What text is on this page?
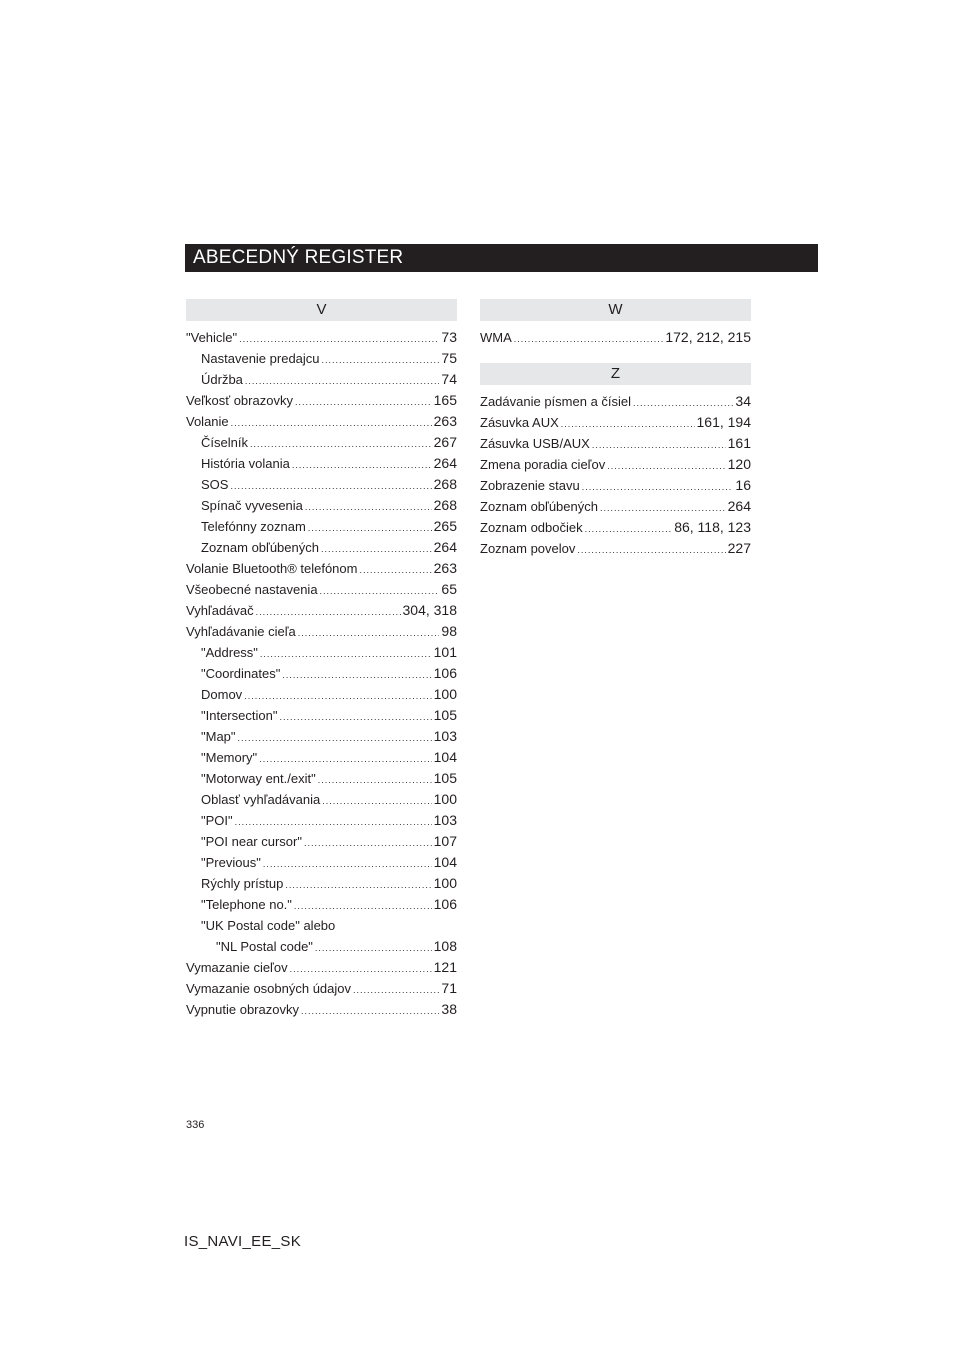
ABECEDNÝ REGISTER
V
"Vehicle" .....	73
Nastavenie predajcu .....	75
Údržba .....	74
Veľkosť obrazovky .....	165
Volanie .....	263
Číselník .....	267
História volania .....	264
SOS .....	268
Spínač vyvesenia .....	268
Telefónny zoznam .....	265
Zoznam obľúbených .....	264
Volanie Bluetooth® telefónom .....	263
Všeobecné nastavenia .....	65
Vyhľadávač .....	304, 318
Vyhľadávanie cieľa .....	98
"Address" .....	101
"Coordinates" .....	106
Domov .....	100
"Intersection" .....	105
"Map" .....	103
"Memory" .....	104
"Motorway ent./exit" .....	105
Oblasť vyhľadávania .....	100
"POI" .....	103
"POI near cursor" .....	107
"Previous" .....	104
Rýchly prístup .....	100
"Telephone no." .....	106
"UK Postal code" alebo
"NL Postal code" .....	108
Vymazanie cieľov .....	121
Vymazanie osobných údajov .....	71
Vypnutie obrazovky .....	38
W
WMA .....	172, 212, 215
Z
Zadávanie písmen a čísiel .....	34
Zásuvka AUX .....	161, 194
Zásuvka USB/AUX .....	161
Zmena poradia cieľov .....	120
Zobrazenie stavu .....	16
Zoznam obľúbených .....	264
Zoznam odbočiek .....	86, 118, 123
Zoznam povelov .....	227
336
IS_NAVI_EE_SK
